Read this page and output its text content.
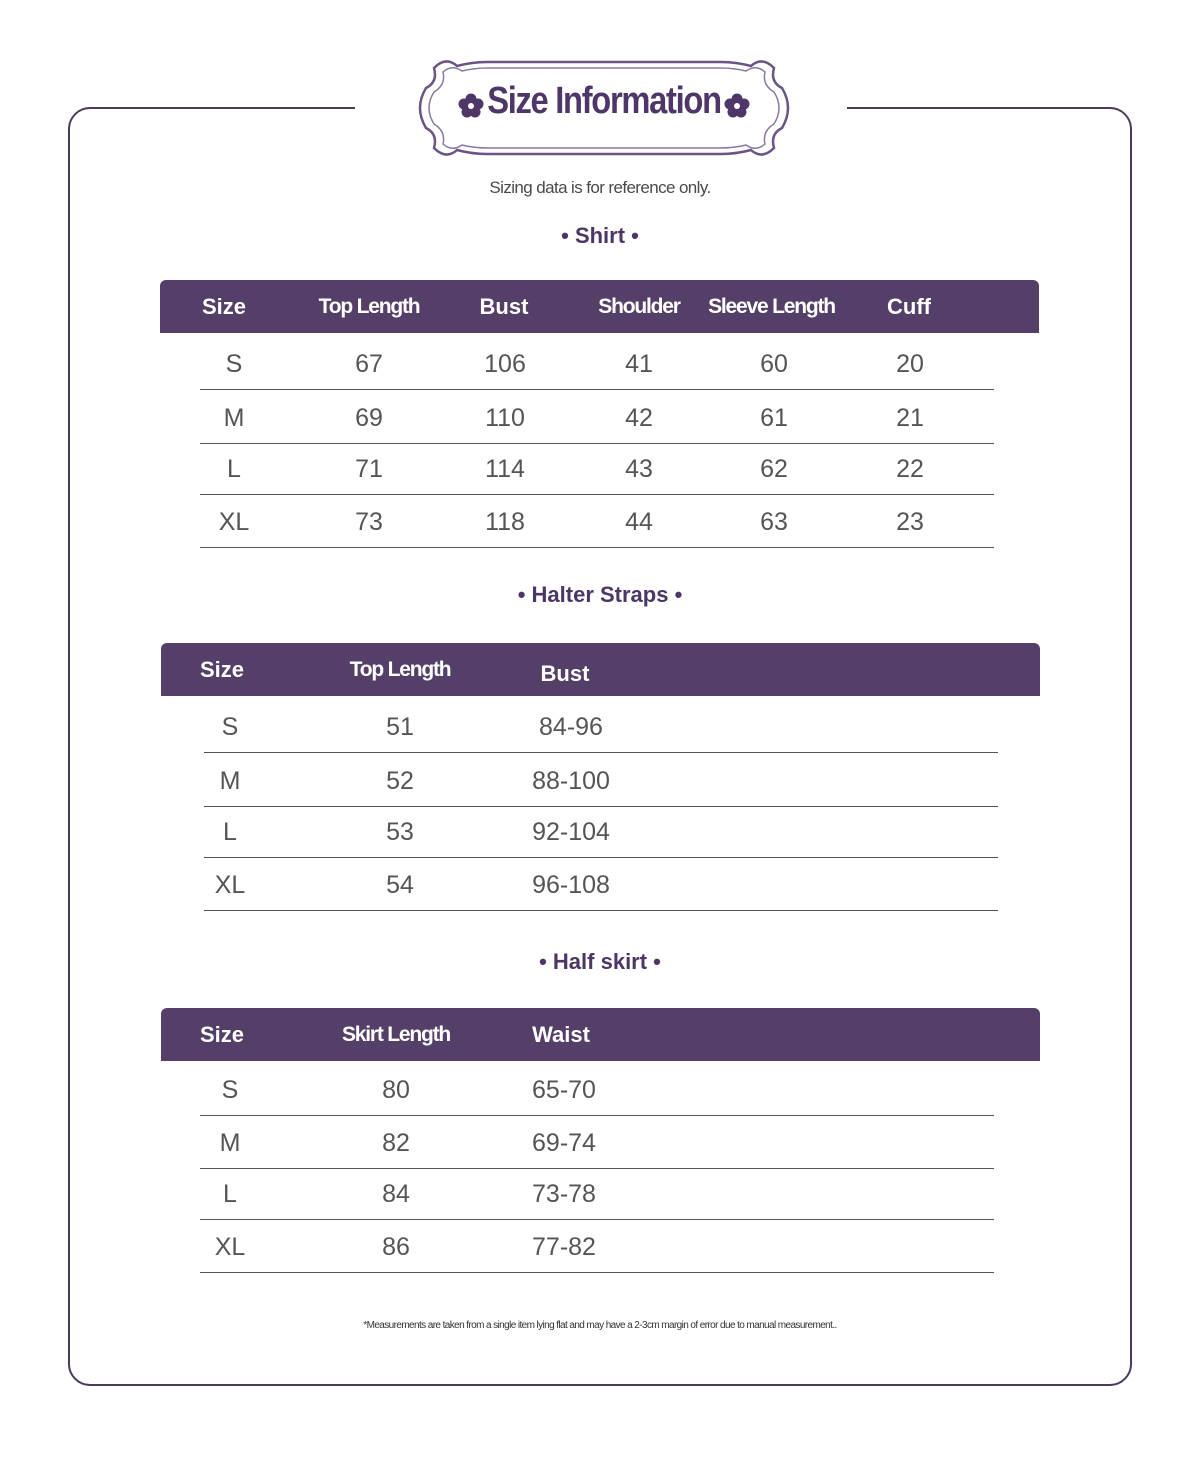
Size Information
Sizing data is for reference only.
• Shirt •
Size	Top Length	Bust	Shoulder	Sleeve Length	Cuff
S	67	106	41	60	20
M	69	110	42	61	21
L	71	114	43	62	22
XL	73	118	44	63	23
• Halter Straps •
Size	Top Length	Bust
S	51	84-96
M	52	88-100
L	53	92-104
XL	54	96-108
• Half skirt •
Size	Skirt Length	Waist
S	80	65-70
M	82	69-74
L	84	73-78
XL	86	77-82
*Measurements are taken from a single item lying flat and may have a 2-3cm margin of error due to manual measurement..
